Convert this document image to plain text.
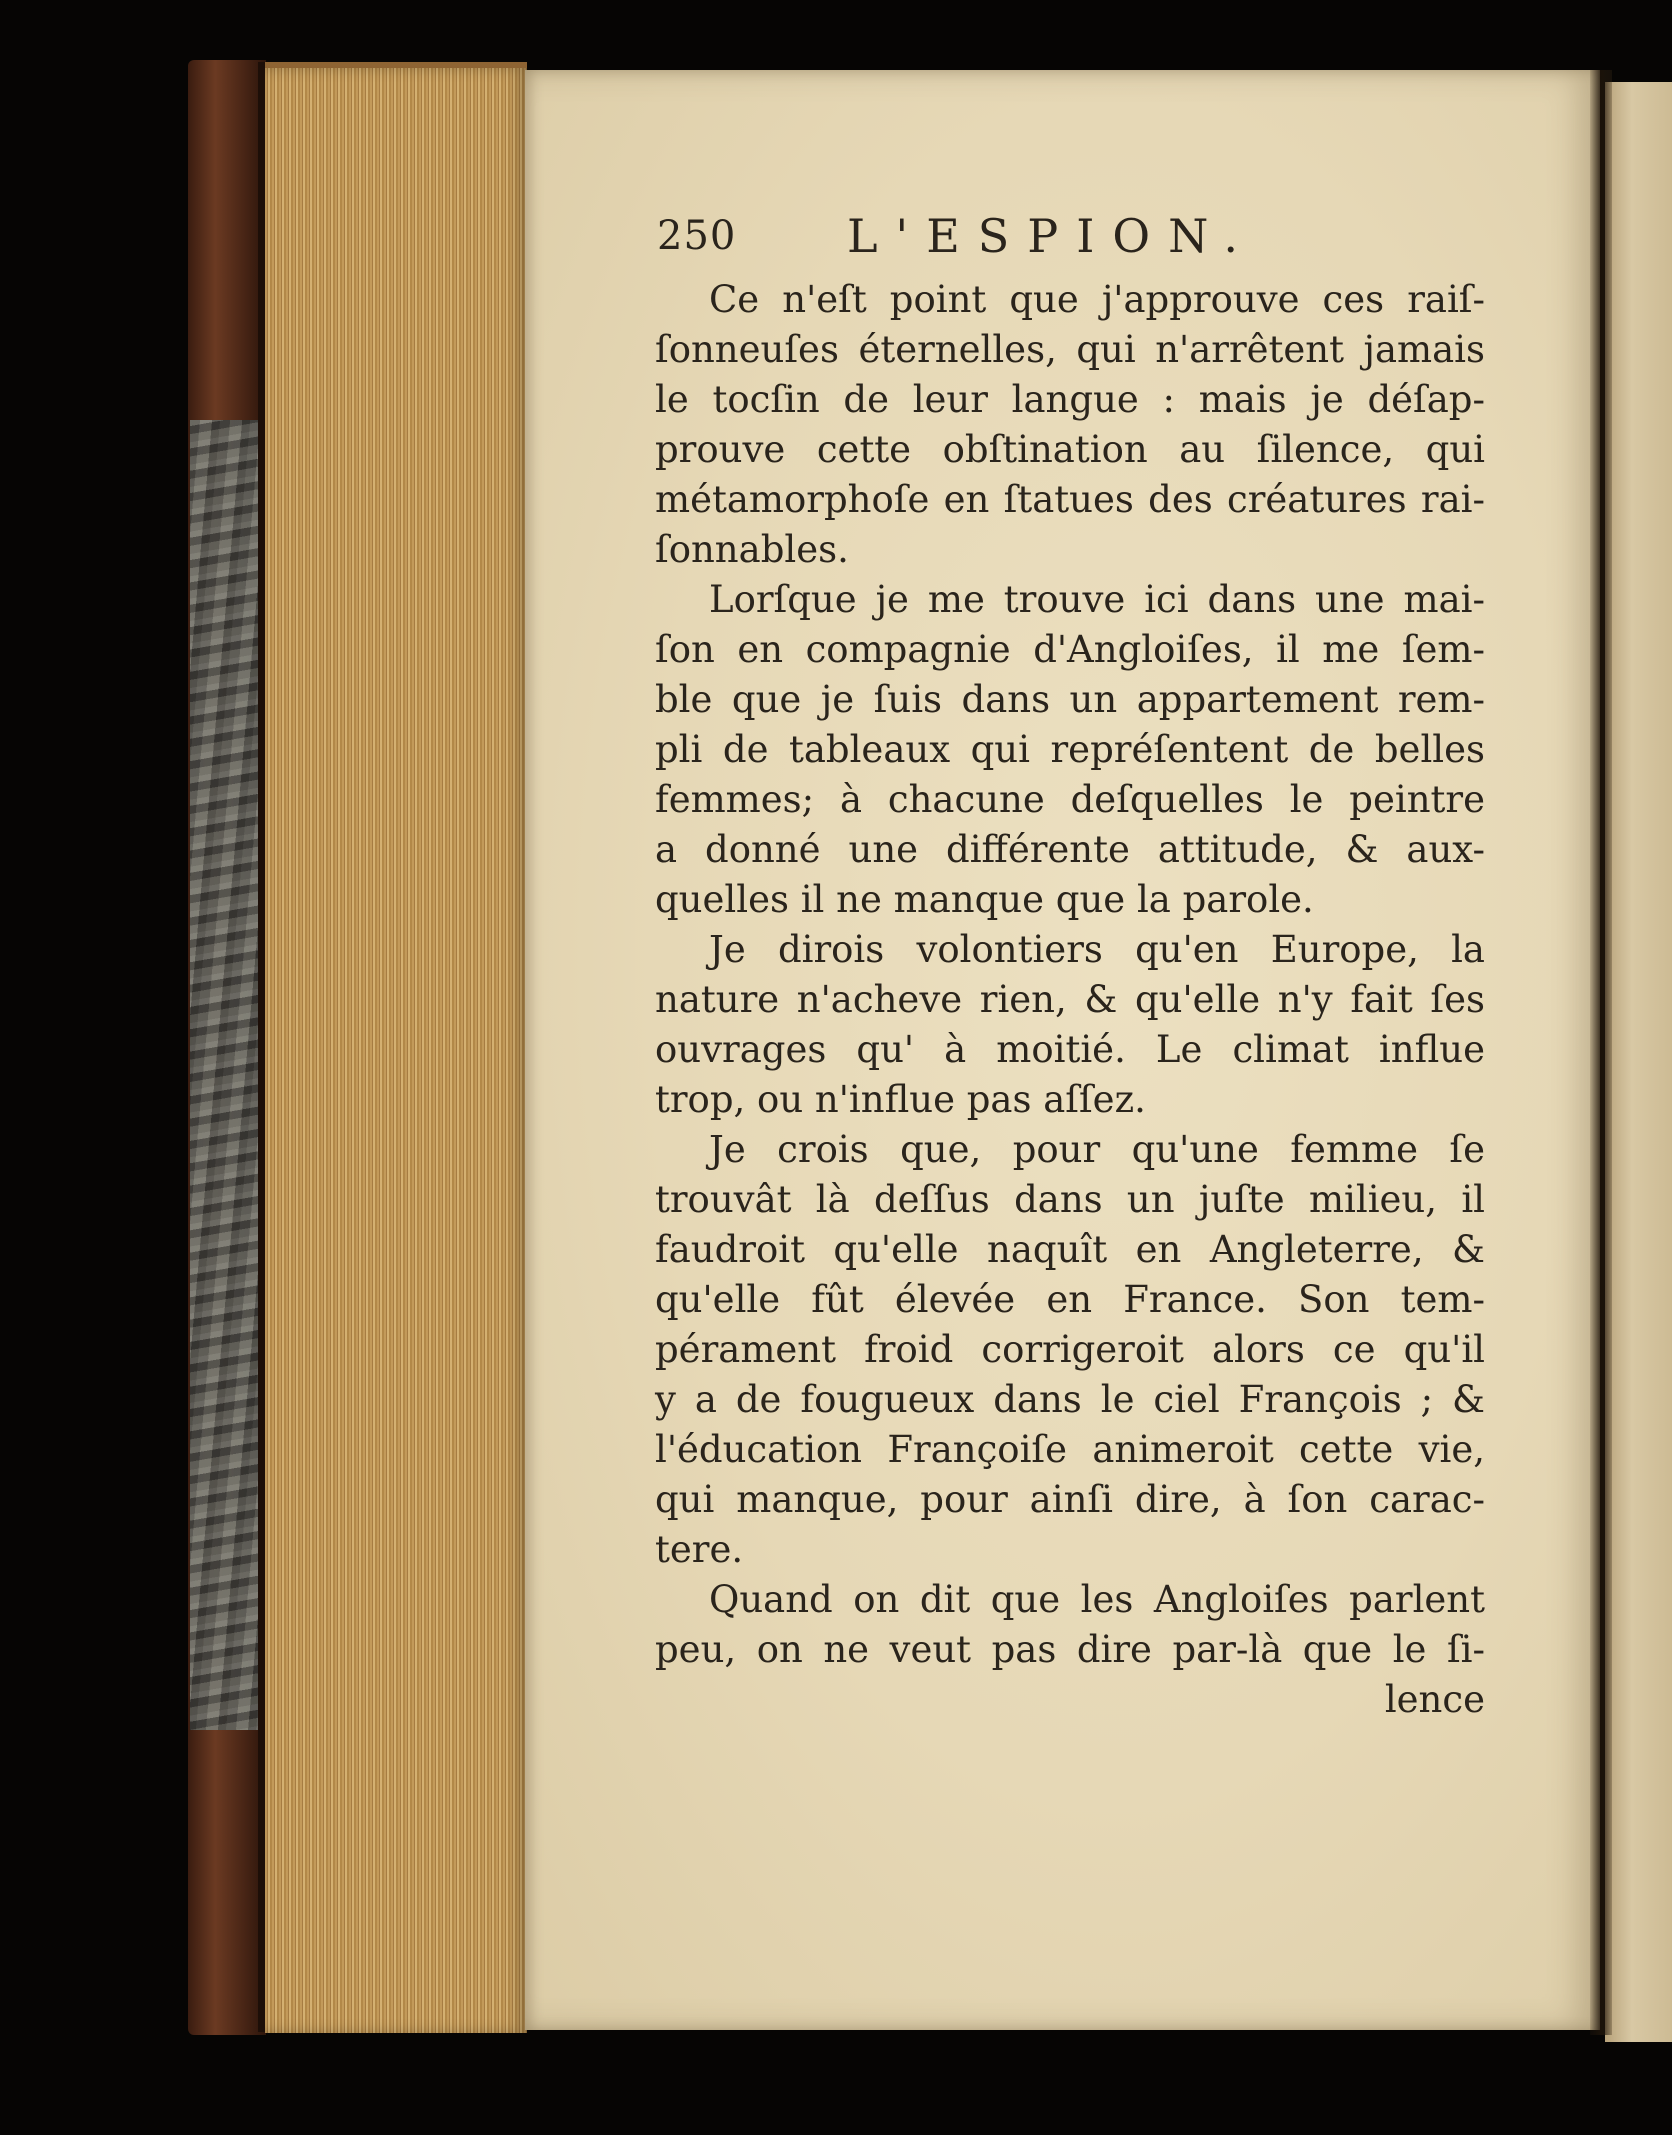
250 L'ESPION.
Ce n'eſt point que j'approuve ces raiſ-
ſonneuſes éternelles, qui n'arrêtent jamais
le tocſin de leur langue : mais je déſap-
prouve cette obſtination au ſilence, qui
métamorphoſe en ſtatues des créatures rai-
ſonnables.
Lorſque je me trouve ici dans une mai-
ſon en compagnie d'Angloiſes, il me ſem-
ble que je ſuis dans un appartement rem-
pli de tableaux qui repréſentent de belles
femmes; à chacune deſquelles le peintre
a donné une différente attitude, & aux-
quelles il ne manque que la parole.
Je dirois volontiers qu'en Europe, la
nature n'acheve rien, & qu'elle n'y fait ſes
ouvrages qu' à moitié. Le climat influe
trop, ou n'influe pas aſſez.
Je crois que, pour qu'une femme ſe
trouvât là deſſus dans un juſte milieu, il
faudroit qu'elle naquît en Angleterre, &
qu'elle fût élevée en France. Son tem-
pérament froid corrigeroit alors ce qu'il
y a de fougueux dans le ciel François ; &
l'éducation Françoiſe animeroit cette vie,
qui manque, pour ainſi dire, à ſon carac-
tere.
Quand on dit que les Angloiſes parlent
peu, on ne veut pas dire par-là que le ſi-
lence
